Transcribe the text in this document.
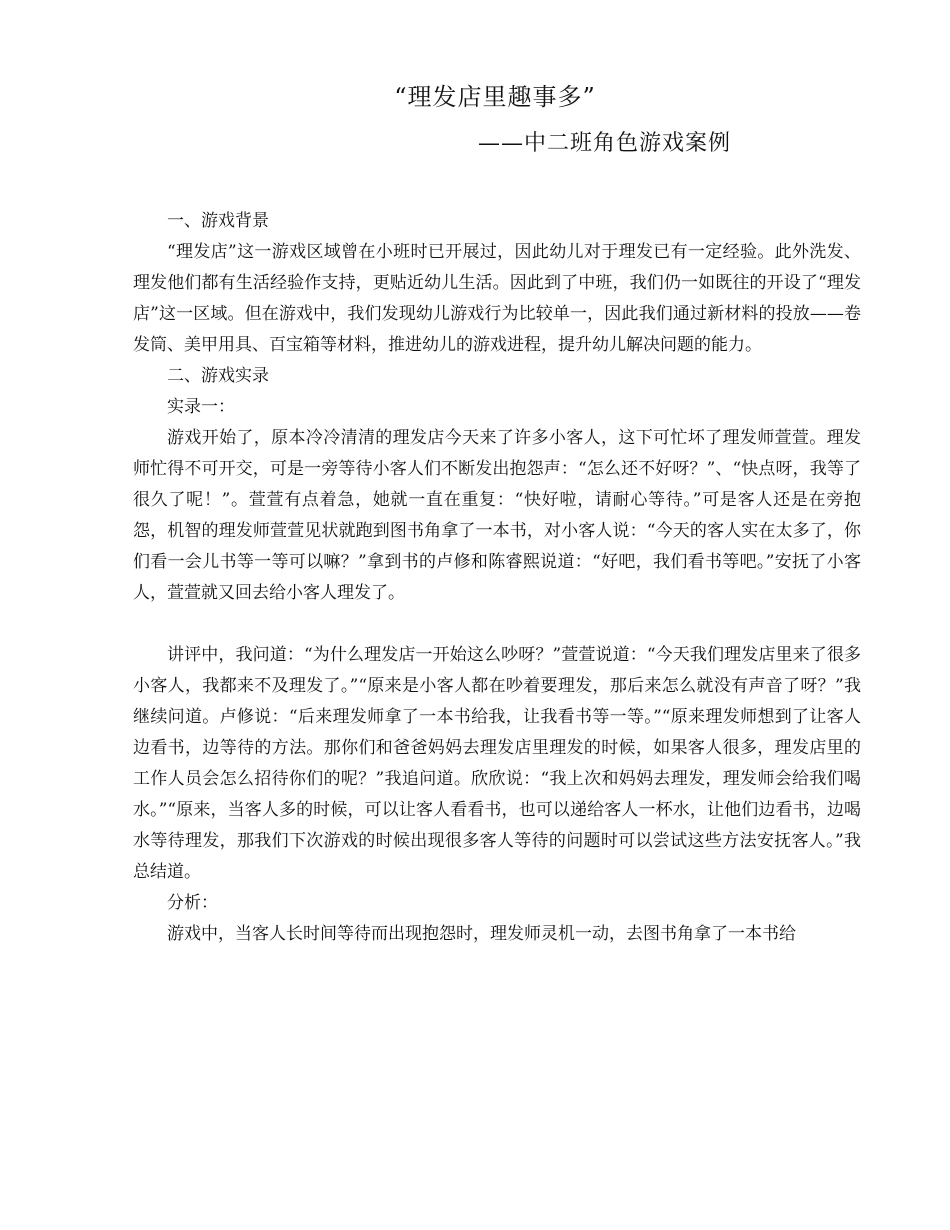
“理发店里趣事多”
——中二班角色游戏案例

一、游戏背景

“理发店”这一游戏区域曾在小班时已开展过，因此幼儿对于理发已有一定经验。此外洗发、理发他们都有生活经验作支持，更贴近幼儿生活。因此到了中班，我们仍一如既往的开设了“理发店”这一区域。但在游戏中，我们发现幼儿游戏行为比较单一，因此我们通过新材料的投放——卷发筒、美甲用具、百宝箱等材料，推进幼儿的游戏进程，提升幼儿解决问题的能力。

二、游戏实录

实录一：

游戏开始了，原本冷冷清清的理发店今天来了许多小客人，这下可忙坏了理发师萱萱。理发师忙得不可开交，可是一旁等待小客人们不断发出抱怨声：“怎么还不好呀？”、“快点呀，我等了很久了呢！”。萱萱有点着急，她就一直在重复：“快好啦，请耐心等待。”可是客人还是在旁抱怨，机智的理发师萱萱见状就跑到图书角拿了一本书，对小客人说：“今天的客人实在太多了，你们看一会儿书等一等可以嘛？”拿到书的卢修和陈睿熙说道：“好吧，我们看书等吧。”安抚了小客人，萱萱就又回去给小客人理发了。

讲评中，我问道：“为什么理发店一开始这么吵呀？”萱萱说道：“今天我们理发店里来了很多小客人，我都来不及理发了。”“原来是小客人都在吵着要理发，那后来怎么就没有声音了呀？”我继续问道。卢修说：“后来理发师拿了一本书给我，让我看书等一等。”“原来理发师想到了让客人边看书，边等待的方法。那你们和爸爸妈妈去理发店里理发的时候，如果客人很多，理发店里的工作人员会怎么招待你们的呢？”我追问道。欣欣说：“我上次和妈妈去理发，理发师会给我们喝水。”“原来，当客人多的时候，可以让客人看看书，也可以递给客人一杯水，让他们边看书，边喝水等待理发，那我们下次游戏的时候出现很多客人等待的问题时可以尝试这些方法安抚客人。”我总结道。

分析：

游戏中，当客人长时间等待而出现抱怨时，理发师灵机一动，去图书角拿了一本书给
